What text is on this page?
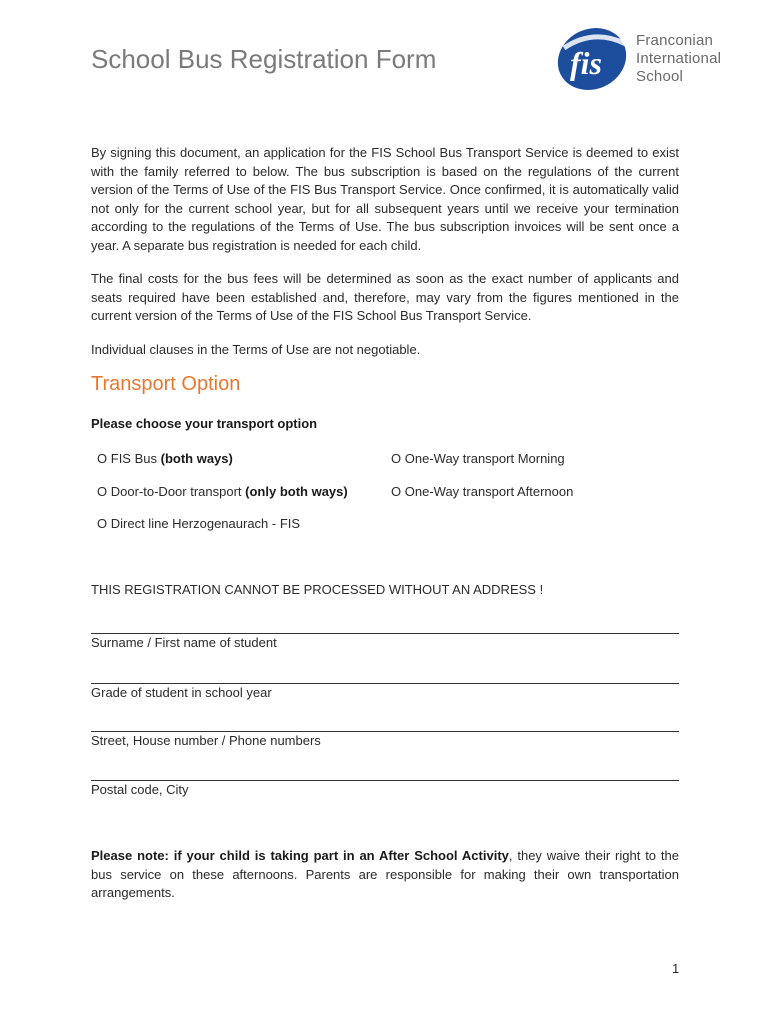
School Bus Registration Form	fis
Franconian
International
School
By signing this document, an application for the FIS School Bus Transport Service is deemed to exist with the family referred to below. The bus subscription is based on the regulations of the current version of the Terms of Use of the FIS Bus Transport Service. Once confirmed, it is automatically valid not only for the current school year, but for all subsequent years until we receive your termination according to the regulations of the Terms of Use. The bus subscription invoices will be sent once a year. A separate bus registration is needed for each child.
The final costs for the bus fees will be determined as soon as the exact number of applicants and seats required have been established and, therefore, may vary from the figures mentioned in the current version of the Terms of Use of the FIS School Bus Transport Service.
Individual clauses in the Terms of Use are not negotiable.
Transport Option
Please choose your transport option
O FIS Bus (both ways)
O Door-to-Door transport (only both ways)
O Direct line Herzogenaurach - FIS
O One-Way transport Morning
O One-Way transport Afternoon
THIS REGISTRATION CANNOT BE PROCESSED WITHOUT AN ADDRESS !
Surname / First name of student
Grade of student in school year
Street, House number / Phone numbers
Postal code, City
Please note: if your child is taking part in an After School Activity, they waive their right to the bus service on these afternoons. Parents are responsible for making their own transportation arrangements.
1
